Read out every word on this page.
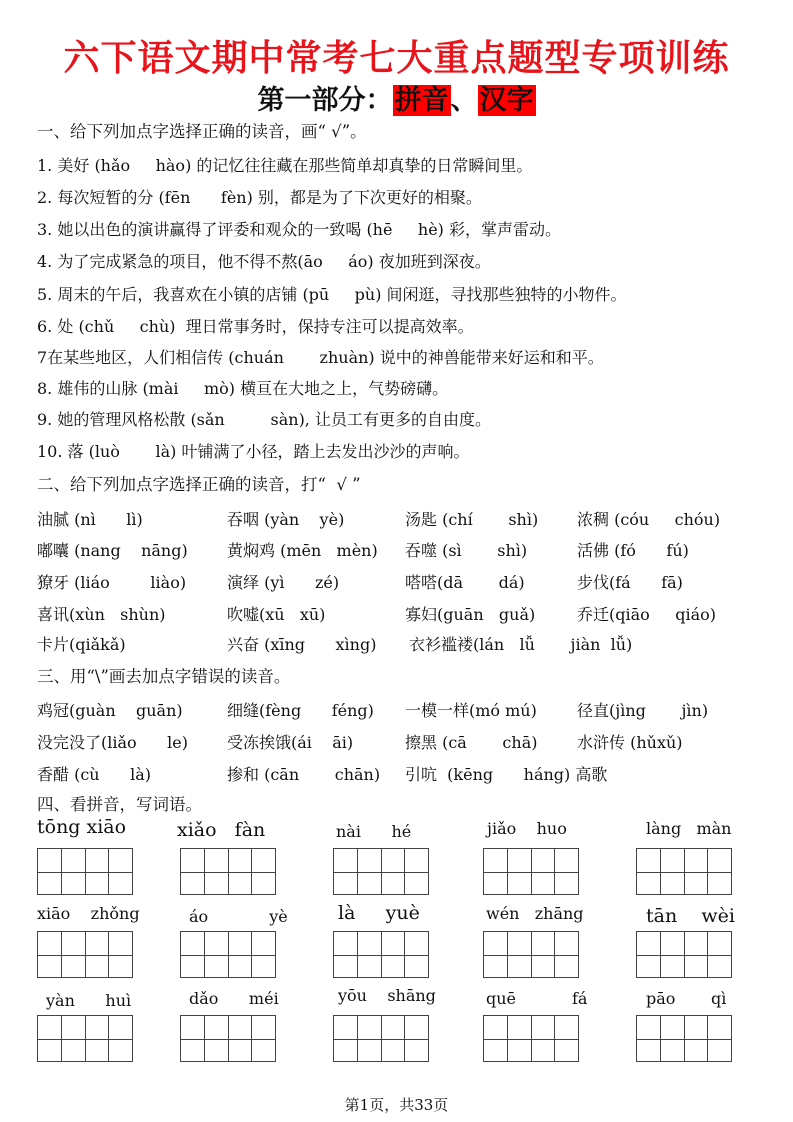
六下语文期中常考七大重点题型专项训练
第一部分：拼音、汉字
一、给下列加点字选择正确的读音，画“ √”。
1. 美好 (hǎo     hào) 的记忆往往藏在那些简单却真挚的日常瞬间里。
2. 每次短暂的分 (fēn      fèn) 别，都是为了下次更好的相聚。
3. 她以出色的演讲赢得了评委和观众的一致喝 (hē     hè) 彩，掌声雷动。
4. 为了完成紧急的项目，他不得不熬(āo     áo) 夜加班到深夜。
5. 周末的午后，我喜欢在小镇的店铺 (pū     pù) 间闲逛，寻找那些独特的小物件。
6. 处 (chǔ     chù)  理日常事务时，保持专注可以提高效率。
7在某些地区，人们相信传 (chuán       zhuàn) 说中的神兽能带来好运和和平。
8. 雄伟的山脉 (mài     mò) 横亘在大地之上，气势磅礴。
9. 她的管理风格松散 (sǎn         sàn), 让员工有更多的自由度。
10. 落 (luò       là) 叶铺满了小径，踏上去发出沙沙的声响。
二、给下列加点字选择正确的读音，打“  √ ”
油腻 (nì      lì)	吞咽 (yàn    yè)	汤匙 (chí       shì) 浓稠 (cóu     chóu)
嘟囔 (nang    nāng) 黄焖鸡 (mēn   mèn) 吞噬 (sì       shì)	活佛 (fó      fú)
獠牙 (liáo        liào)	演绎 (yì      zé)	嗒嗒(dā       dá)	步伐(fá      fā)
喜讯(xùn   shùn)	吹嘘(xū   xū)	寡妇(guān   guǎ)	乔迁(qiāo     qiáo)
卡片(qiǎkǎ)	兴奋 (xīng      xìng) 衣衫褴褛(lán   lǚ       jiàn  lǚ)
三、用“\”画去加点字错误的读音。
鸡冠(guàn    guān)	细缝(fèng      féng) 一模一样(mó mú)	径直(jìng       jìn)
没完没了(liǎo      le) 受冻挨饿(ái    āi)	擦黑 (cā       chā) 水浒传 (hǔxǔ)
香醋 (cù      là)	掺和 (cān       chān) 引吭  (kēng      háng) 高歌
四、看拼音，写词语。
tōng xiāo	xiǎo   fàn	nài      hé	jiǎo    huo	làng   màn
xiāo    zhǒng	áo            yè	là     yuè	wén   zhāng	tān    wèi
yàn      huì	dǎo      méi	yōu    shāng	quē           fá	pāo       qì
第1页，共33页
